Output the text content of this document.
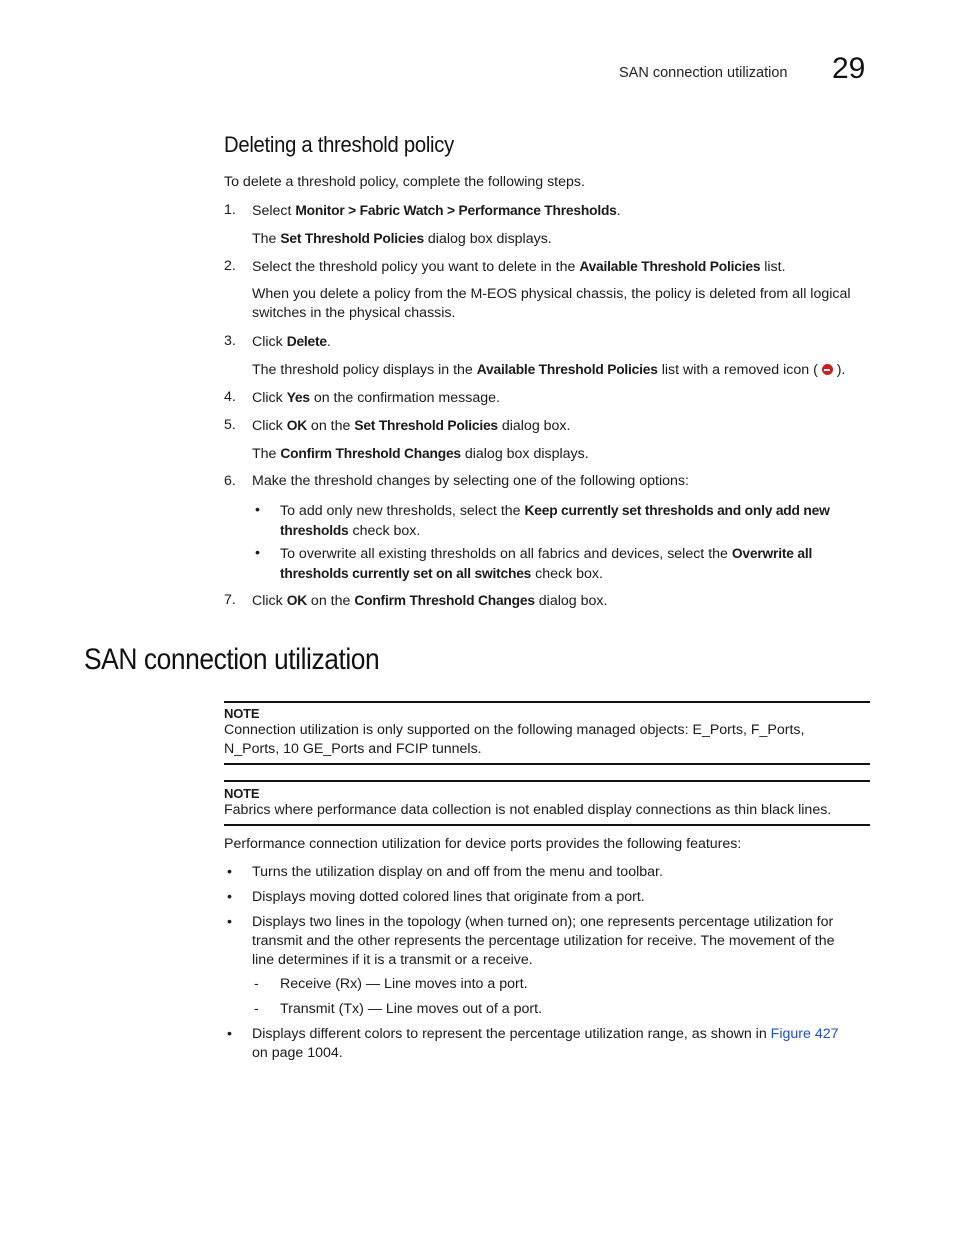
SAN connection utilization 29
Deleting a threshold policy
To delete a threshold policy, complete the following steps.
1.	Select Monitor > Fabric Watch > Performance Thresholds.
The Set Threshold Policies dialog box displays.
2.	Select the threshold policy you want to delete in the Available Threshold Policies list.
When you delete a policy from the M-EOS physical chassis, the policy is deleted from all logical
switches in the physical chassis.
3.	Click Delete.
The threshold policy displays in the Available Threshold Policies list with a removed icon (  ).
4.	Click Yes on the confirmation message.
5.	Click OK on the Set Threshold Policies dialog box.
The Confirm Threshold Changes dialog box displays.
6.	Make the threshold changes by selecting one of the following options:
• To add only new thresholds, select the Keep currently set thresholds and only add new
thresholds check box.
• To overwrite all existing thresholds on all fabrics and devices, select the Overwrite all
thresholds currently set on all switches check box.
7.	Click OK on the Confirm Threshold Changes dialog box.
SAN connection utilization
NOTE
Connection utilization is only supported on the following managed objects: E_Ports, F_Ports,
N_Ports, 10 GE_Ports and FCIP tunnels.
NOTE
Fabrics where performance data collection is not enabled display connections as thin black lines.
Performance connection utilization for device ports provides the following features:
• Turns the utilization display on and off from the menu and toolbar.
• Displays moving dotted colored lines that originate from a port.
• Displays two lines in the topology (when turned on); one represents percentage utilization for
transmit and the other represents the percentage utilization for receive. The movement of the
line determines if it is a transmit or a receive.
- Receive (Rx) — Line moves into a port.
- Transmit (Tx) — Line moves out of a port.
• Displays different colors to represent the percentage utilization range, as shown in Figure 427
on page 1004.
